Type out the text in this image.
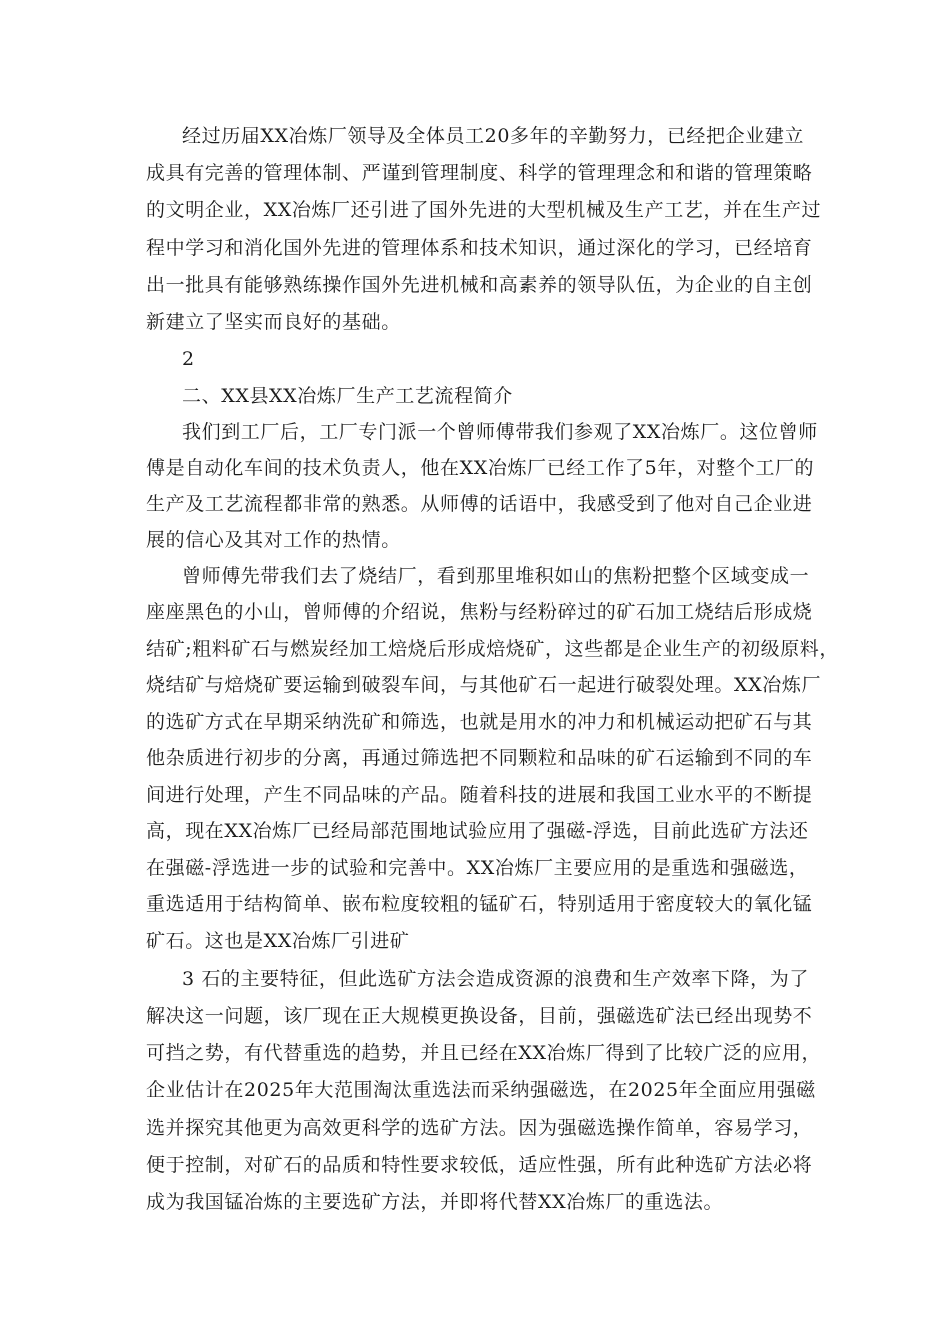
经过历届XX冶炼厂领导及全体员工20多年的辛勤努力，已经把企业建立
成具有完善的管理体制、严谨到管理制度、科学的管理理念和和谐的管理策略
的文明企业，XX冶炼厂还引进了国外先进的大型机械及生产工艺，并在生产过
程中学习和消化国外先进的管理体系和技术知识，通过深化的学习，已经培育
出一批具有能够熟练操作国外先进机械和高素养的领导队伍，为企业的自主创
新建立了坚实而良好的基础。
2
二、XX县XX冶炼厂生产工艺流程简介
我们到工厂后，工厂专门派一个曾师傅带我们参观了XX冶炼厂。这位曾师
傅是自动化车间的技术负责人，他在XX冶炼厂已经工作了5年，对整个工厂的
生产及工艺流程都非常的熟悉。从师傅的话语中，我感受到了他对自己企业进
展的信心及其对工作的热情。
曾师傅先带我们去了烧结厂，看到那里堆积如山的焦粉把整个区域变成一
座座黑色的小山，曾师傅的介绍说，焦粉与经粉碎过的矿石加工烧结后形成烧
结矿;粗料矿石与燃炭经加工焙烧后形成焙烧矿，这些都是企业生产的初级原料，
烧结矿与焙烧矿要运输到破裂车间，与其他矿石一起进行破裂处理。XX冶炼厂
的选矿方式在早期采纳洗矿和筛选，也就是用水的冲力和机械运动把矿石与其
他杂质进行初步的分离，再通过筛选把不同颗粒和品味的矿石运输到不同的车
间进行处理，产生不同品味的产品。随着科技的进展和我国工业水平的不断提
高，现在XX冶炼厂已经局部范围地试验应用了强磁-浮选，目前此选矿方法还
在强磁-浮选进一步的试验和完善中。XX冶炼厂主要应用的是重选和强磁选，
重选适用于结构简单、嵌布粒度较粗的锰矿石，特别适用于密度较大的氧化锰
矿石。这也是XX冶炼厂引进矿
3 石的主要特征，但此选矿方法会造成资源的浪费和生产效率下降，为了
解决这一问题，该厂现在正大规模更换设备，目前，强磁选矿法已经出现势不
可挡之势，有代替重选的趋势，并且已经在XX冶炼厂得到了比较广泛的应用，
企业估计在2025年大范围淘汰重选法而采纳强磁选，在2025年全面应用强磁
选并探究其他更为高效更科学的选矿方法。因为强磁选操作简单，容易学习，
便于控制，对矿石的品质和特性要求较低，适应性强，所有此种选矿方法必将
成为我国锰冶炼的主要选矿方法，并即将代替XX冶炼厂的重选法。
